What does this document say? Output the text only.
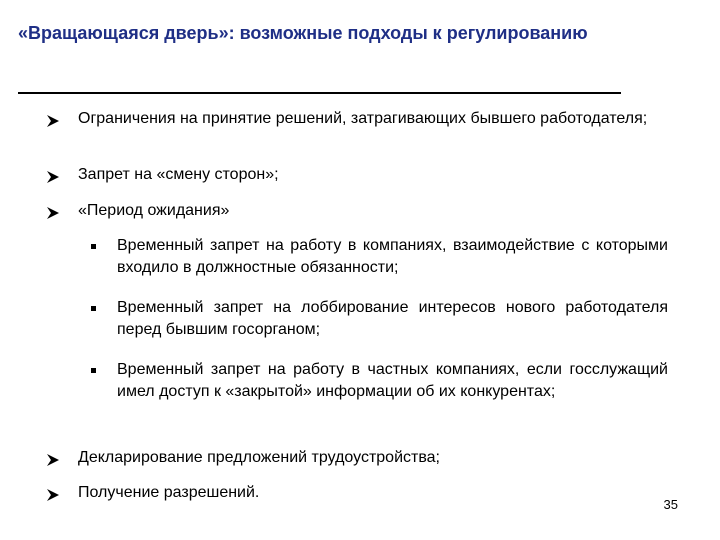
«Вращающаяся дверь»: возможные подходы к регулированию
Ограничения на принятие решений, затрагивающих бывшего работодателя;
Запрет на «смену сторон»;
«Период ожидания»
Временный запрет на работу в компаниях, взаимодействие с которыми входило в должностные обязанности;
Временный запрет на лоббирование интересов нового работодателя перед бывшим госорганом;
Временный запрет на работу в частных компаниях, если госслужащий имел доступ к «закрытой» информации об их конкурентах;
Декларирование предложений трудоустройства;
Получение разрешений.
35
